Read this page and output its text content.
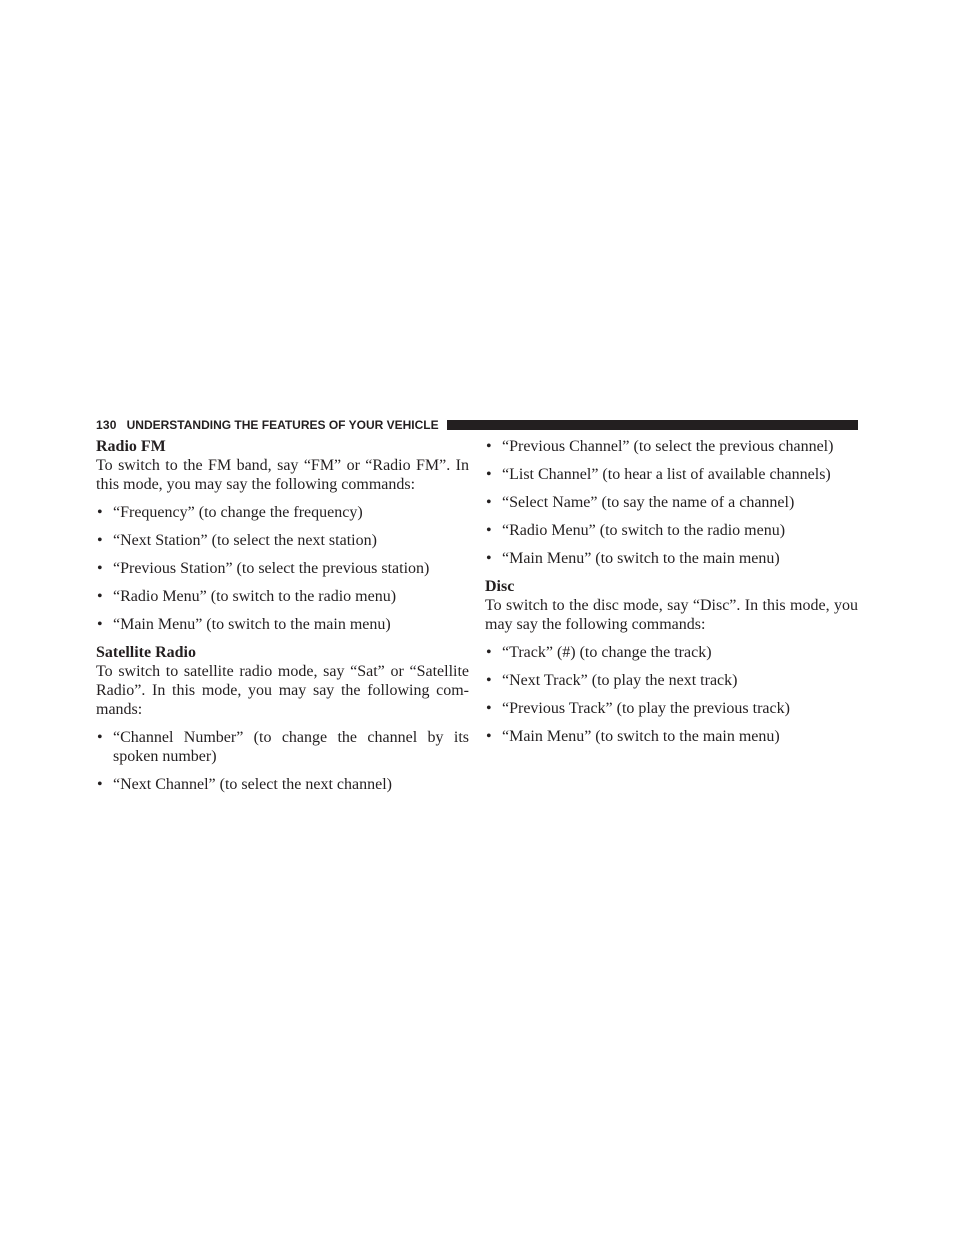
130 UNDERSTANDING THE FEATURES OF YOUR VEHICLE
Radio FM

To switch to the FM band, say “FM” or “Radio FM”. In this mode, you may say the following commands:

• “Frequency” (to change the frequency)
• “Next Station” (to select the next station)
• “Previous Station” (to select the previous station)
• “Radio Menu” (to switch to the radio menu)
• “Main Menu” (to switch to the main menu)
Satellite Radio

To switch to satellite radio mode, say “Sat” or “Satellite Radio”. In this mode, you may say the following com-mands:

• “Channel Number” (to change the channel by its spoken number)
• “Next Channel” (to select the next channel)
• “Previous Channel” (to select the previous channel)
• “List Channel” (to hear a list of available channels)
• “Select Name” (to say the name of a channel)
• “Radio Menu” (to switch to the radio menu)
• “Main Menu” (to switch to the main menu)
Disc

To switch to the disc mode, say “Disc”. In this mode, you may say the following commands:

• “Track” (#) (to change the track)
• “Next Track” (to play the next track)
• “Previous Track” (to play the previous track)
• “Main Menu” (to switch to the main menu)
